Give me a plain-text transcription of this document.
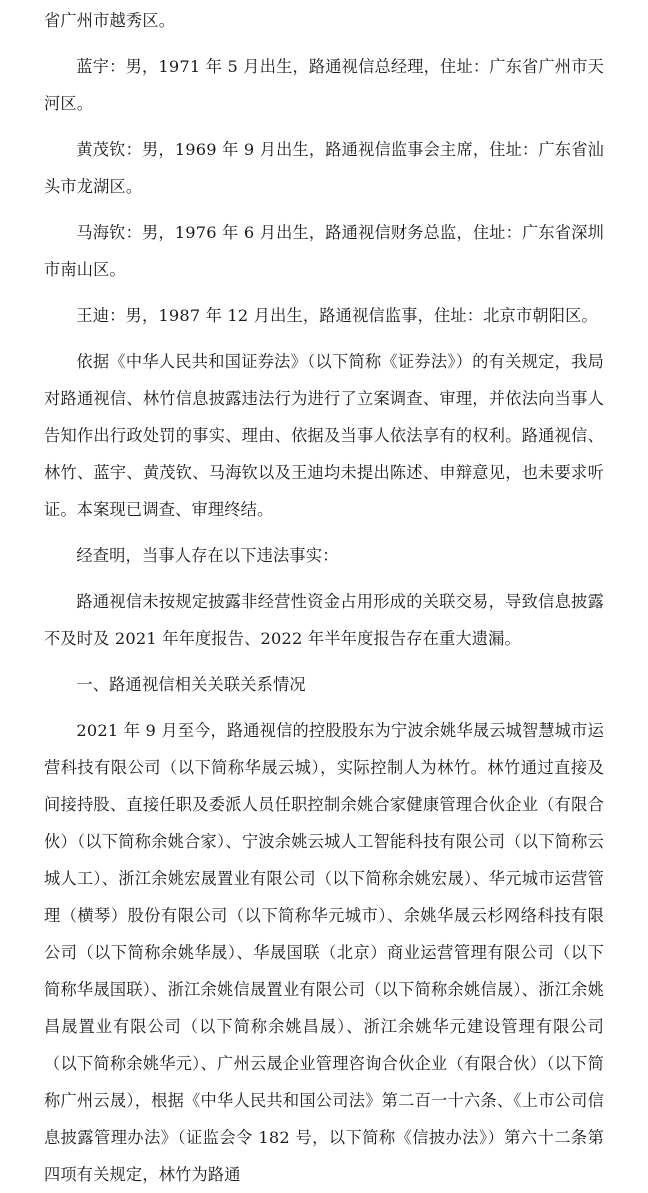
省广州市越秀区。

蓝宇：男，1971 年 5 月出生，路通视信总经理，住址：广东省广州市天河区。

黄茂钦：男，1969 年 9 月出生，路通视信监事会主席，住址：广东省汕头市龙湖区。

马海钦：男，1976 年 6 月出生，路通视信财务总监，住址：广东省深圳市南山区。

王迪：男，1987 年 12 月出生，路通视信监事，住址：北京市朝阳区。

依据《中华人民共和国证券法》（以下简称《证券法》）的有关规定，我局对路通视信、林竹信息披露违法行为进行了立案调查、审理，并依法向当事人告知作出行政处罚的事实、理由、依据及当事人依法享有的权利。路通视信、林竹、蓝宇、黄茂钦、马海钦以及王迪均未提出陈述、申辩意见，也未要求听证。本案现已调查、审理终结。

经查明，当事人存在以下违法事实：

路通视信未按规定披露非经营性资金占用形成的关联交易，导致信息披露不及时及 2021 年年度报告、2022 年半年度报告存在重大遗漏。

一、路通视信相关关联关系情况

2021 年 9 月至今，路通视信的控股股东为宁波余姚华晟云城智慧城市运营科技有限公司（以下简称华晟云城），实际控制人为林竹。林竹通过直接及间接持股、直接任职及委派人员任职控制余姚合家健康管理合伙企业（有限合伙）（以下简称余姚合家）、宁波余姚云城人工智能科技有限公司（以下简称云城人工）、浙江余姚宏晟置业有限公司（以下简称余姚宏晟）、华元城市运营管理（横琴）股份有限公司（以下简称华元城市）、余姚华晟云杉网络科技有限公司（以下简称余姚华晟）、华晟国联（北京）商业运营管理有限公司（以下简称华晟国联）、浙江余姚信晟置业有限公司（以下简称余姚信晟）、浙江余姚昌晟置业有限公司（以下简称余姚昌晟）、浙江余姚华元建设管理有限公司（以下简称余姚华元）、广州云晟企业管理咨询合伙企业（有限合伙）（以下简称广州云晟），根据《中华人民共和国公司法》第二百一十六条、《上市公司信息披露管理办法》（证监会令 182 号，以下简称《信披办法》）第六十二条第四项有关规定，林竹为路通
